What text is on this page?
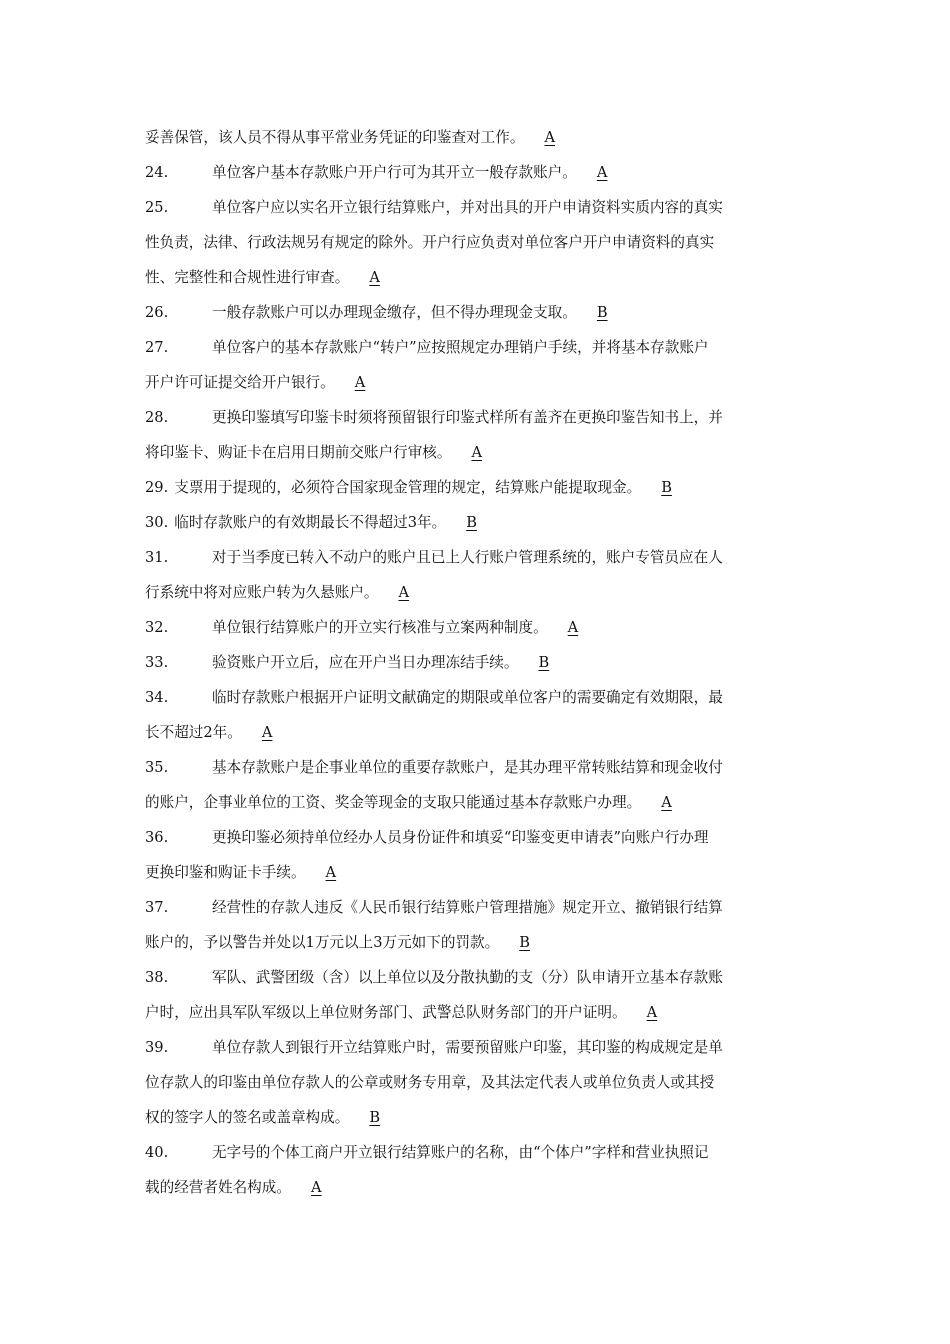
妥善保管，该人员不得从事平常业务凭证的印鉴查对工作。 A
24.	单位客户基本存款账户开户行可为其开立一般存款账户。 A
25.	单位客户应以实名开立银行结算账户，并对出具的开户申请资料实质内容的真实
性负责，法律、行政法规另有规定的除外。开户行应负责对单位客户开户申请资料的真实
性、完整性和合规性进行审查。 A
26.	一般存款账户可以办理现金缴存，但不得办理现金支取。 B
27.	单位客户的基本存款账户“转户”应按照规定办理销户手续，并将基本存款账户
开户许可证提交给开户银行。 A
28.	更换印鉴填写印鉴卡时须将预留银行印鉴式样所有盖齐在更换印鉴告知书上，并
将印鉴卡、购证卡在启用日期前交账户行审核。 A
29. 支票用于提现的，必须符合国家现金管理的规定，结算账户能提取现金。 B
30. 临时存款账户的有效期最长不得超过3年。 B
31.	对于当季度已转入不动户的账户且已上人行账户管理系统的，账户专管员应在人
行系统中将对应账户转为久悬账户。 A
32.	单位银行结算账户的开立实行核准与立案两种制度。 A
33.	验资账户开立后，应在开户当日办理冻结手续。 B
34.	临时存款账户根据开户证明文献确定的期限或单位客户的需要确定有效期限，最
长不超过2年。 A
35.	基本存款账户是企事业单位的重要存款账户，是其办理平常转账结算和现金收付
的账户，企事业单位的工资、奖金等现金的支取只能通过基本存款账户办理。 A
36.	更换印鉴必须持单位经办人员身份证件和填妥“印鉴变更申请表”向账户行办理
更换印鉴和购证卡手续。 A
37.	经营性的存款人违反《人民币银行结算账户管理措施》规定开立、撤销银行结算
账户的，予以警告并处以1万元以上3万元如下的罚款。 B
38.	军队、武警团级（含）以上单位以及分散执勤的支（分）队申请开立基本存款账
户时，应出具军队军级以上单位财务部门、武警总队财务部门的开户证明。 A
39.	单位存款人到银行开立结算账户时，需要预留账户印鉴，其印鉴的构成规定是单
位存款人的印鉴由单位存款人的公章或财务专用章，及其法定代表人或单位负责人或其授
权的签字人的签名或盖章构成。 B
40.	无字号的个体工商户开立银行结算账户的名称，由“个体户”字样和营业执照记
载的经营者姓名构成。 A
